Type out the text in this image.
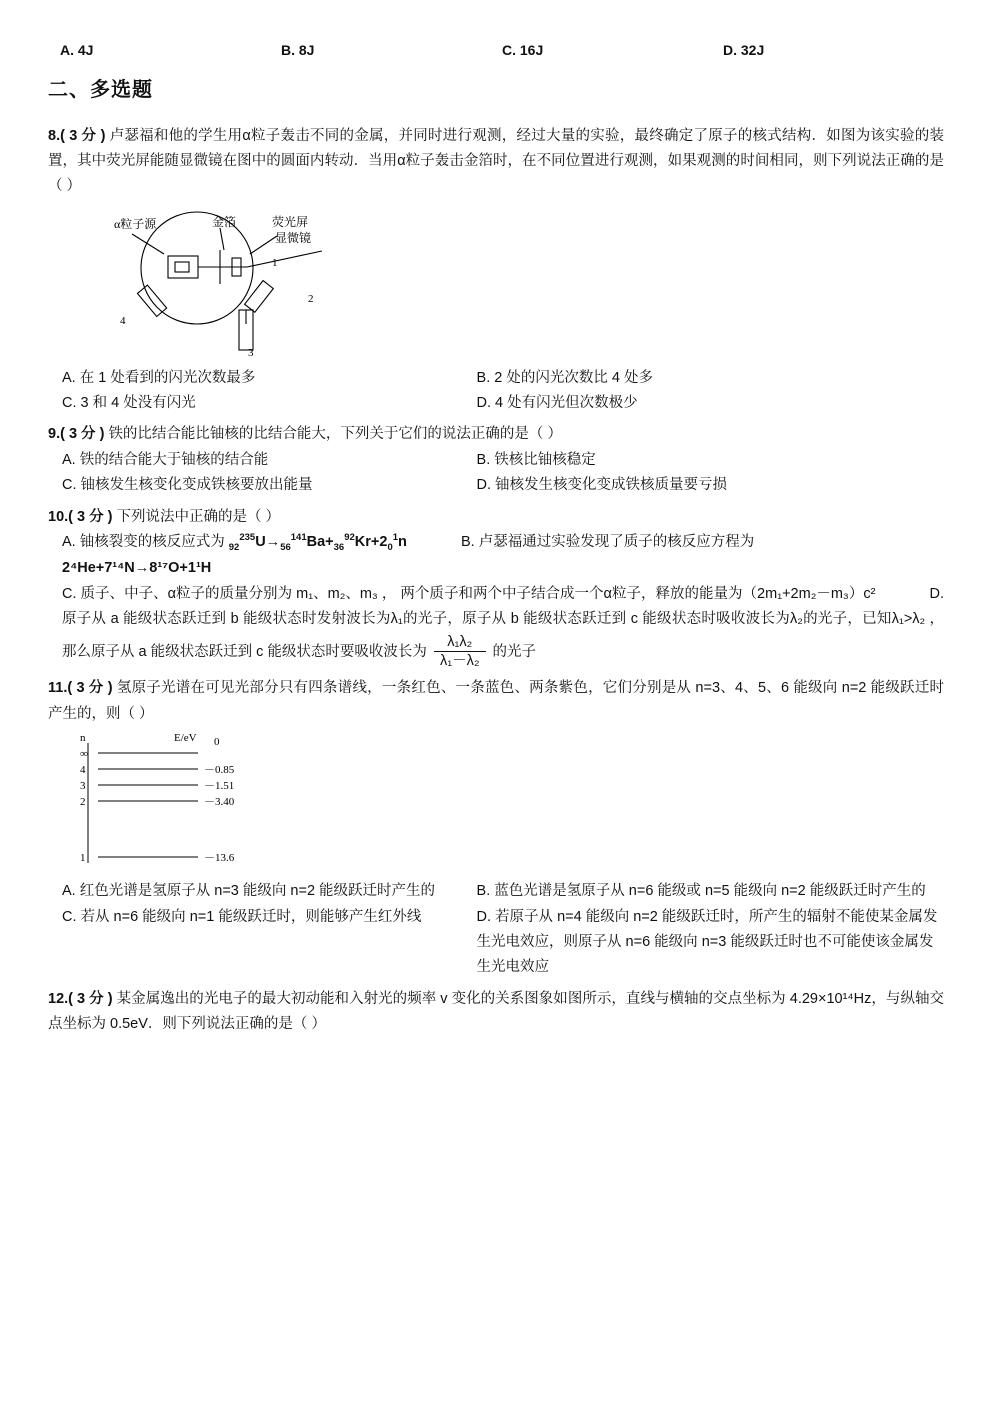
A. 4J	B. 8J	C. 16J	D. 32J
二、多选题
8.( 3 分 ) 卢瑟福和他的学生用α粒子轰击不同的金属，并同时进行观测，经过大量的实验，最终确定了原子的核式结构．如图为该实验的装置，其中荧光屏能随显微镜在图中的圆面内转动．当用α粒子轰击金箔时，在不同位置进行观测，如果观测的时间相同，则下列说法正确的是（ ）
α粒子源	金箔	荧光屏
显微镜
1
2
3
4
A. 在 1 处看到的闪光次数最多	B. 2 处的闪光次数比 4 处多
C. 3 和 4 处没有闪光	D. 4 处有闪光但次数极少
9.( 3 分 ) 铁的比结合能比铀核的比结合能大，下列关于它们的说法正确的是（ ）
A. 铁的结合能大于铀核的结合能	B. 铁核比铀核稳定
C. 铀核发生核变化变成铁核要放出能量	D. 铀核发生核变化变成铁核质量要亏损
10.( 3 分 ) 下列说法中正确的是（ ）
A. 铀核裂变的核反应式为 $_{92}^{235}U\to_{56}^{141}Ba+_{36}^{92}Kr+2_0^1n$	B. 卢瑟福通过实验发现了质子的核反应方程为
2⁴He+7¹⁴N→8¹⁷O+1¹H
C. 质子、中子、α粒子的质量分别为 m₁、m₂、m₃ ， 两个质子和两个中子结合成一个α粒子，释放的能量为（2m₁+2m₂－m₃）c²	D. 原子从 a 能级状态跃迁到 b 能级状态时发射波长为λ₁的光子，原子从 b 能级状态跃迁到 c 能级状态时吸收波长为λ₂的光子，已知λ₁>λ₂ ， 那么原子从 a 能级状态跃迁到 c 能级状态时要吸收波长为 $\frac{\text{λ₁λ₂}}{\text{λ₁－λ₂}}$ 的光子
11.( 3 分 ) 氢原子光谱在可见光部分只有四条谱线，一条红色、一条蓝色、两条紫色，它们分别是从 n=3、4、5、6 能级向 n=2 能级跃迁时产生的，则（ ）
n	E/eV 0
∞
4
3
2
1
－0.85
－1.51
－3.40
－13.6
A. 红色光谱是氢原子从 n=3 能级向 n=2 能级跃迁时产生的	B. 蓝色光谱是氢原子从 n=6 能级或 n=5 能级向 n=2 能级跃迁时产生的
C. 若从 n=6 能级向 n=1 能级跃迁时，则能够产生红外线	D. 若原子从 n=4 能级向 n=2 能级跃迁时，所产生的辐射不能使某金属发生光电效应，则原子从 n=6 能级向 n=3 能级跃迁时也不可能使该金属发生光电效应
12.( 3 分 ) 某金属逸出的光电子的最大初动能和入射光的频率 v 变化的关系图象如图所示，直线与横轴的交点坐标为 4.29×10¹⁴Hz，与纵轴交点坐标为 0.5eV．则下列说法正确的是（ ）
